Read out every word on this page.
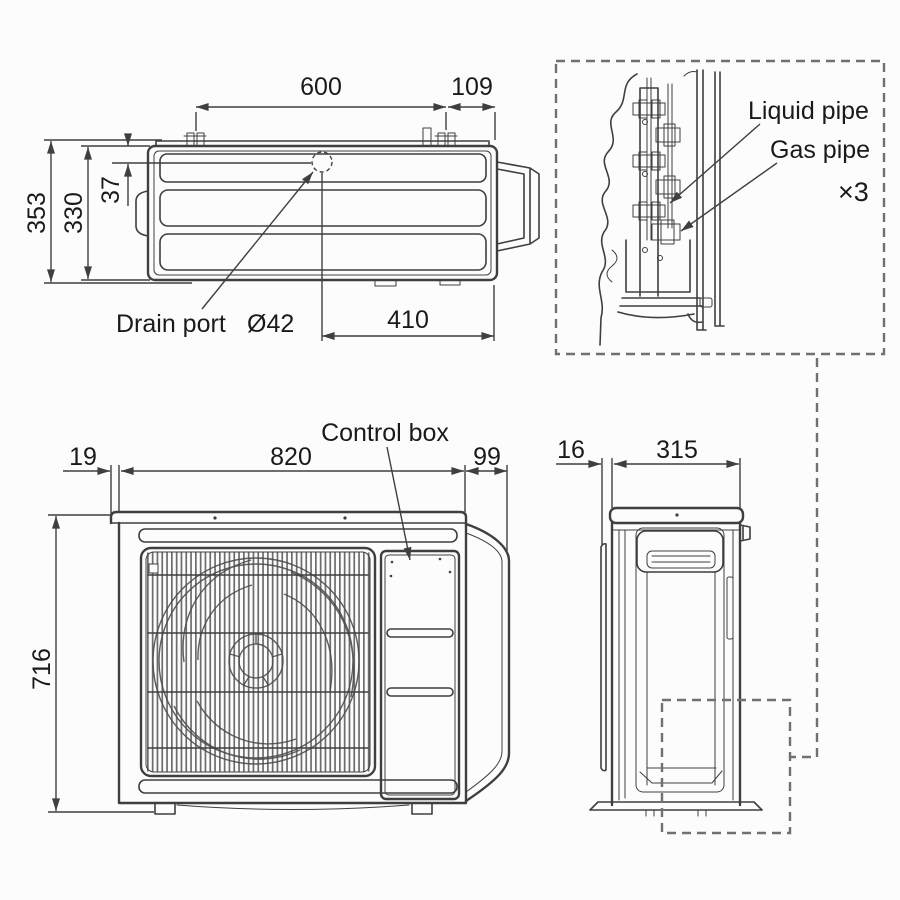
600	109
353 330
37
410
Drain port Ø42
Liquid pipe
Gas pipe
×3
19	820	99
716
Control box
16	315
